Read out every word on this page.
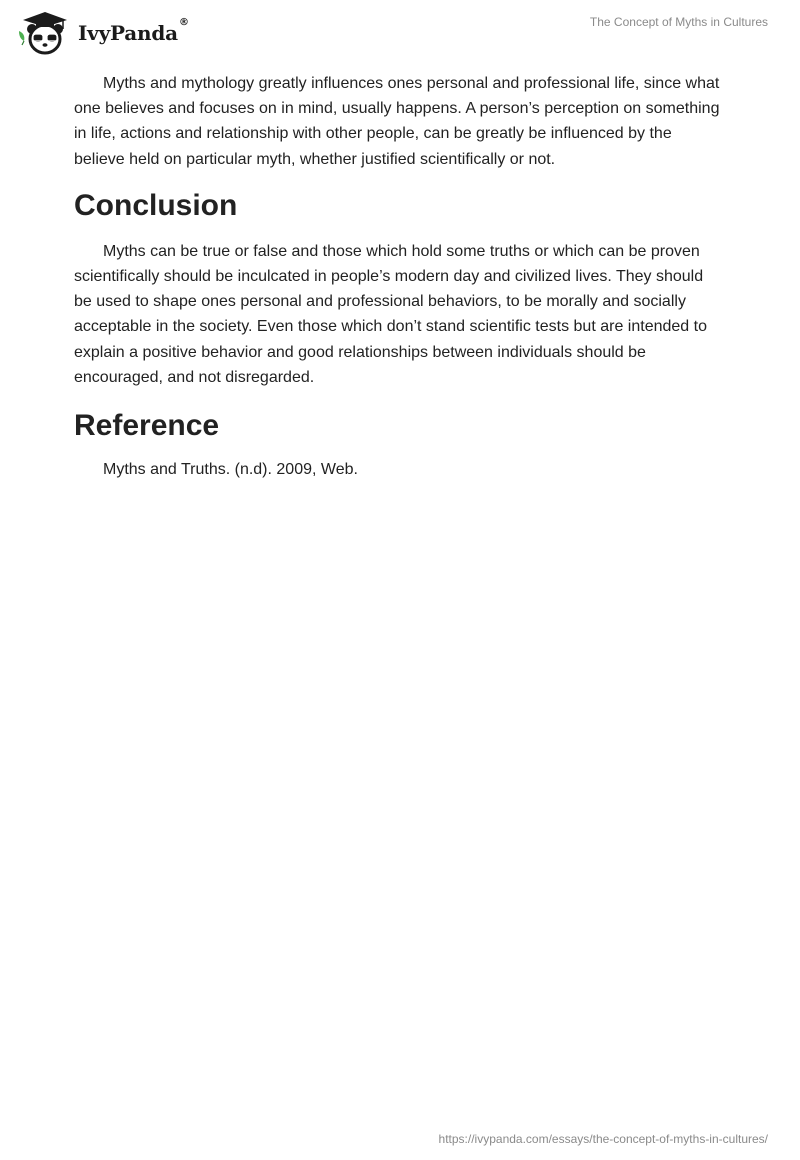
IvyPanda®	The Concept of Myths in Cultures

Myths and mythology greatly influences ones personal and professional life, since what one believes and focuses on in mind, usually happens. A person’s perception on something in life, actions and relationship with other people, can be greatly be influenced by the believe held on particular myth, whether justified scientifically or not.

Conclusion

Myths can be true or false and those which hold some truths or which can be proven scientifically should be inculcated in people’s modern day and civilized lives. They should be used to shape ones personal and professional behaviors, to be morally and socially acceptable in the society. Even those which don’t stand scientific tests but are intended to explain a positive behavior and good relationships between individuals should be encouraged, and not disregarded.

Reference

Myths and Truths. (n.d). 2009, Web.

https://ivypanda.com/essays/the-concept-of-myths-in-cultures/
